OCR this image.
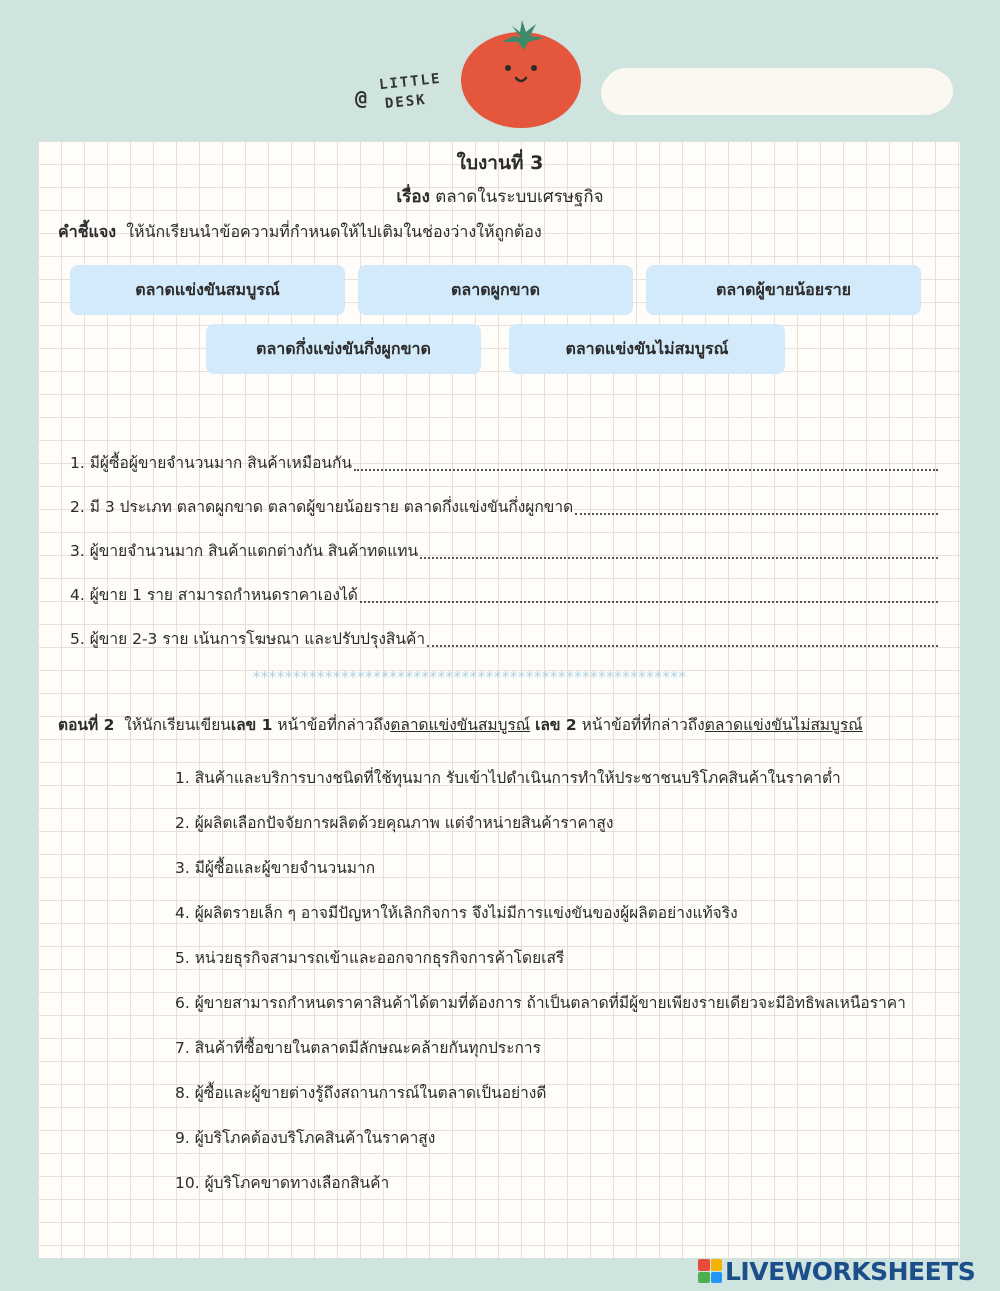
@
LITTLE
DESK
ใบงานที่ 3
เรื่อง ตลาดในระบบเศรษฐกิจ
คำชี้แจง ให้นักเรียนนำข้อความที่กำหนดให้ไปเติมในช่องว่างให้ถูกต้อง
ตลาดแข่งขันสมบูรณ์	ตลาดผูกขาด	ตลาดผู้ขายน้อยราย
ตลาดกึ่งแข่งขันกึ่งผูกขาด	ตลาดแข่งขันไม่สมบูรณ์
1. มีผู้ซื้อผู้ขายจำนวนมาก สินค้าเหมือนกัน
2. มี 3 ประเภท ตลาดผูกขาด ตลาดผู้ขายน้อยราย ตลาดกึ่งแข่งขันกึ่งผูกขาด
3. ผู้ขายจำนวนมาก สินค้าแตกต่างกัน สินค้าทดแทน
4. ผู้ขาย 1 ราย สามารถกำหนดราคาเองได้
5. ผู้ขาย 2-3 ราย เน้นการโฆษณา และปรับปรุงสินค้า
******************************************************
ตอนที่ 2 ให้นักเรียนเขียนเลข 1 หน้าข้อที่กล่าวถึงตลาดแข่งขันสมบูรณ์ เลข 2 หน้าข้อที่ที่กล่าวถึงตลาดแข่งขันไม่สมบูรณ์
1. สินค้าและบริการบางชนิดที่ใช้ทุนมาก รับเข้าไปดำเนินการทำให้ประชาชนบริโภคสินค้าในราคาต่ำ
2. ผู้ผลิตเลือกปัจจัยการผลิตด้วยคุณภาพ แต่จำหน่ายสินค้าราคาสูง
3. มีผู้ซื้อและผู้ขายจำนวนมาก
4. ผู้ผลิตรายเล็ก ๆ อาจมีปัญหาให้เลิกกิจการ จึงไม่มีการแข่งขันของผู้ผลิตอย่างแท้จริง
5. หน่วยธุรกิจสามารถเข้าและออกจากธุรกิจการค้าโดยเสรี
6. ผู้ขายสามารถกำหนดราคาสินค้าได้ตามที่ต้องการ ถ้าเป็นตลาดที่มีผู้ขายเพียงรายเดียวจะมีอิทธิพลเหนือราคา
7. สินค้าที่ซื้อขายในตลาดมีลักษณะคล้ายกันทุกประการ
8. ผู้ซื้อและผู้ขายต่างรู้ถึงสถานการณ์ในตลาดเป็นอย่างดี
9. ผู้บริโภคต้องบริโภคสินค้าในราคาสูง
10. ผู้บริโภคขาดทางเลือกสินค้า
LIVEWORKSHEETS
